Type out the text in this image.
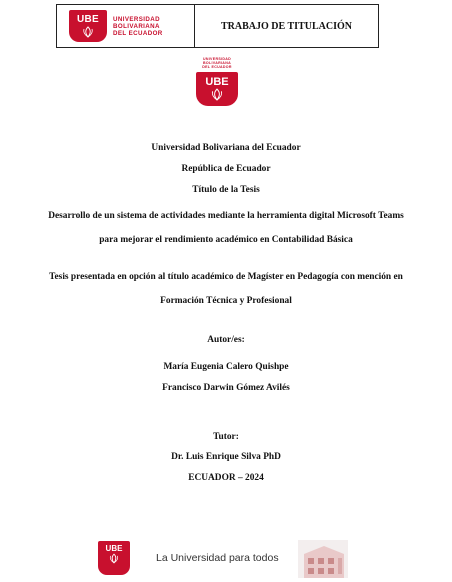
UBE UNIVERSIDAD
BOLIVARIANA
DEL ECUADOR
TRABAJO DE TITULACIÓN
UNIVERSIDAD
BOLIVARIANA
DEL ECUADOR
UBE
Universidad Bolivariana del Ecuador
República de Ecuador
Título de la Tesis
Desarrollo de un sistema de actividades mediante la herramienta digital Microsoft Teams
para mejorar el rendimiento académico en Contabilidad Básica
Tesis presentada en opción al título académico de Magíster en Pedagogía con mención en
Formación Técnica y Profesional
Autor/es:
María Eugenia Calero Quishpe
Francisco Darwin Gómez Avilés
Tutor:
Dr. Luis Enrique Silva PhD
ECUADOR – 2024
UBE
La Universidad para todos
